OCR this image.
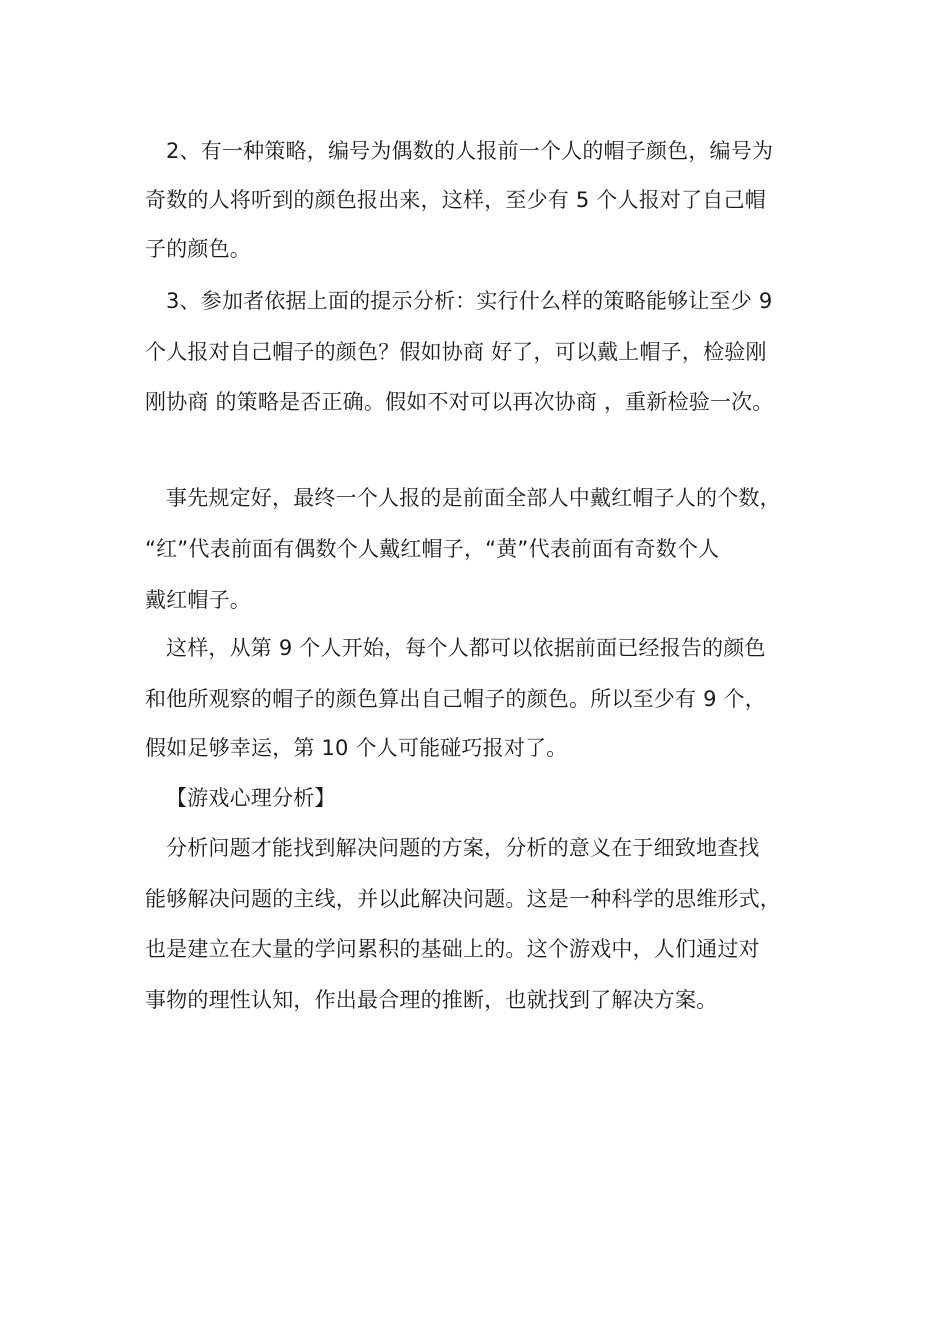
2、有一种策略，编号为偶数的人报前一个人的帽子颜色，编号为
奇数的人将听到的颜色报出来，这样，至少有 5 个人报对了自己帽
子的颜色。
3、参加者依据上面的提示分析：实行什么样的策略能够让至少 9
个人报对自己帽子的颜色？假如协商 好了，可以戴上帽子，检验刚
刚协商 的策略是否正确。假如不对可以再次协商 ，重新检验一次。
事先规定好，最终一个人报的是前面全部人中戴红帽子人的个数，
“红”代表前面有偶数个人戴红帽子，“黄”代表前面有奇数个人
戴红帽子。
这样，从第 9 个人开始，每个人都可以依据前面已经报告的颜色
和他所观察的帽子的颜色算出自己帽子的颜色。所以至少有 9 个，
假如足够幸运，第 10 个人可能碰巧报对了。
【游戏心理分析】
分析问题才能找到解决问题的方案，分析的意义在于细致地查找
能够解决问题的主线，并以此解决问题。这是一种科学的思维形式，
也是建立在大量的学问累积的基础上的。这个游戏中，人们通过对
事物的理性认知，作出最合理的推断，也就找到了解决方案。
